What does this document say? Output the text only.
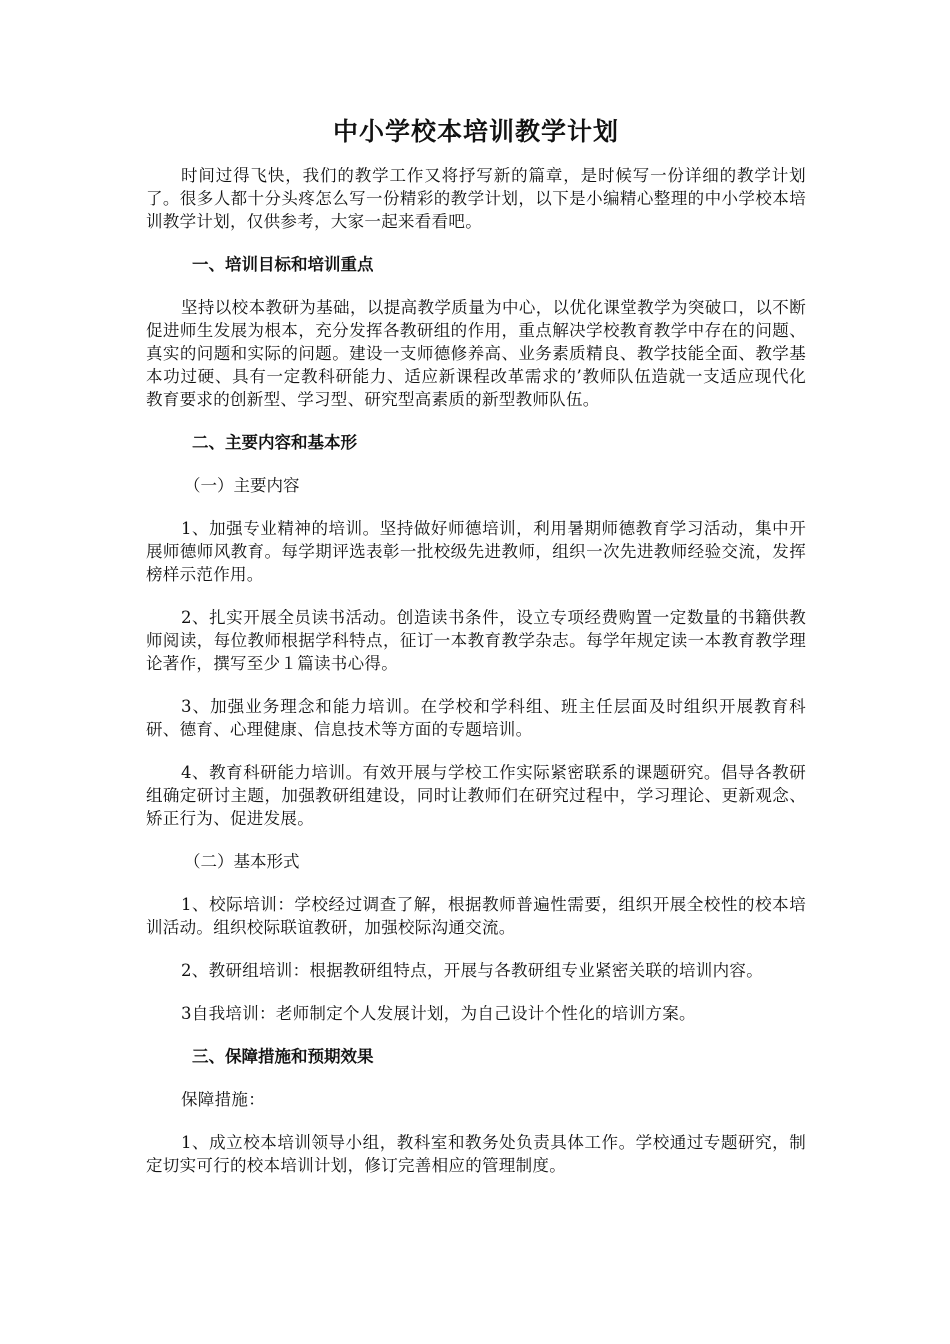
中小学校本培训教学计划

时间过得飞快，我们的教学工作又将抒写新的篇章，是时候写一份详细的教学计划了。很多人都十分头疼怎么写一份精彩的教学计划，以下是小编精心整理的中小学校本培训教学计划，仅供参考，大家一起来看看吧。

一、培训目标和培训重点

坚持以校本教研为基础，以提高教学质量为中心，以优化课堂教学为突破口，以不断促进师生发展为根本，充分发挥各教研组的作用，重点解决学校教育教学中存在的问题、真实的问题和实际的问题。建设一支师德修养高、业务素质精良、教学技能全面、教学基本功过硬、具有一定教科研能力、适应新课程改革需求的’教师队伍造就一支适应现代化教育要求的创新型、学习型、研究型高素质的新型教师队伍。

二、主要内容和基本形
（一）主要内容

1、加强专业精神的培训。坚持做好师德培训，利用暑期师德教育学习活动，集中开展师德师风教育。每学期评选表彰一批校级先进教师，组织一次先进教师经验交流，发挥榜样示范作用。

2、扎实开展全员读书活动。创造读书条件，设立专项经费购置一定数量的书籍供教师阅读，每位教师根据学科特点，征订一本教育教学杂志。每学年规定读一本教育教学理论著作，撰写至少１篇读书心得。

3、加强业务理念和能力培训。在学校和学科组、班主任层面及时组织开展教育科研、德育、心理健康、信息技术等方面的专题培训。

4、教育科研能力培训。有效开展与学校工作实际紧密联系的课题研究。倡导各教研组确定研讨主题，加强教研组建设，同时让教师们在研究过程中，学习理论、更新观念、矫正行为、促进发展。

（二）基本形式

1、校际培训：学校经过调查了解，根据教师普遍性需要，组织开展全校性的校本培训活动。组织校际联谊教研，加强校际沟通交流。

2、教研组培训：根据教研组特点，开展与各教研组专业紧密关联的培训内容。

3自我培训：老师制定个人发展计划，为自己设计个性化的培训方案。

三、保障措施和预期效果

保障措施：

1、成立校本培训领导小组，教科室和教务处负责具体工作。学校通过专题研究，制定切实可行的校本培训计划，修订完善相应的管理制度。
